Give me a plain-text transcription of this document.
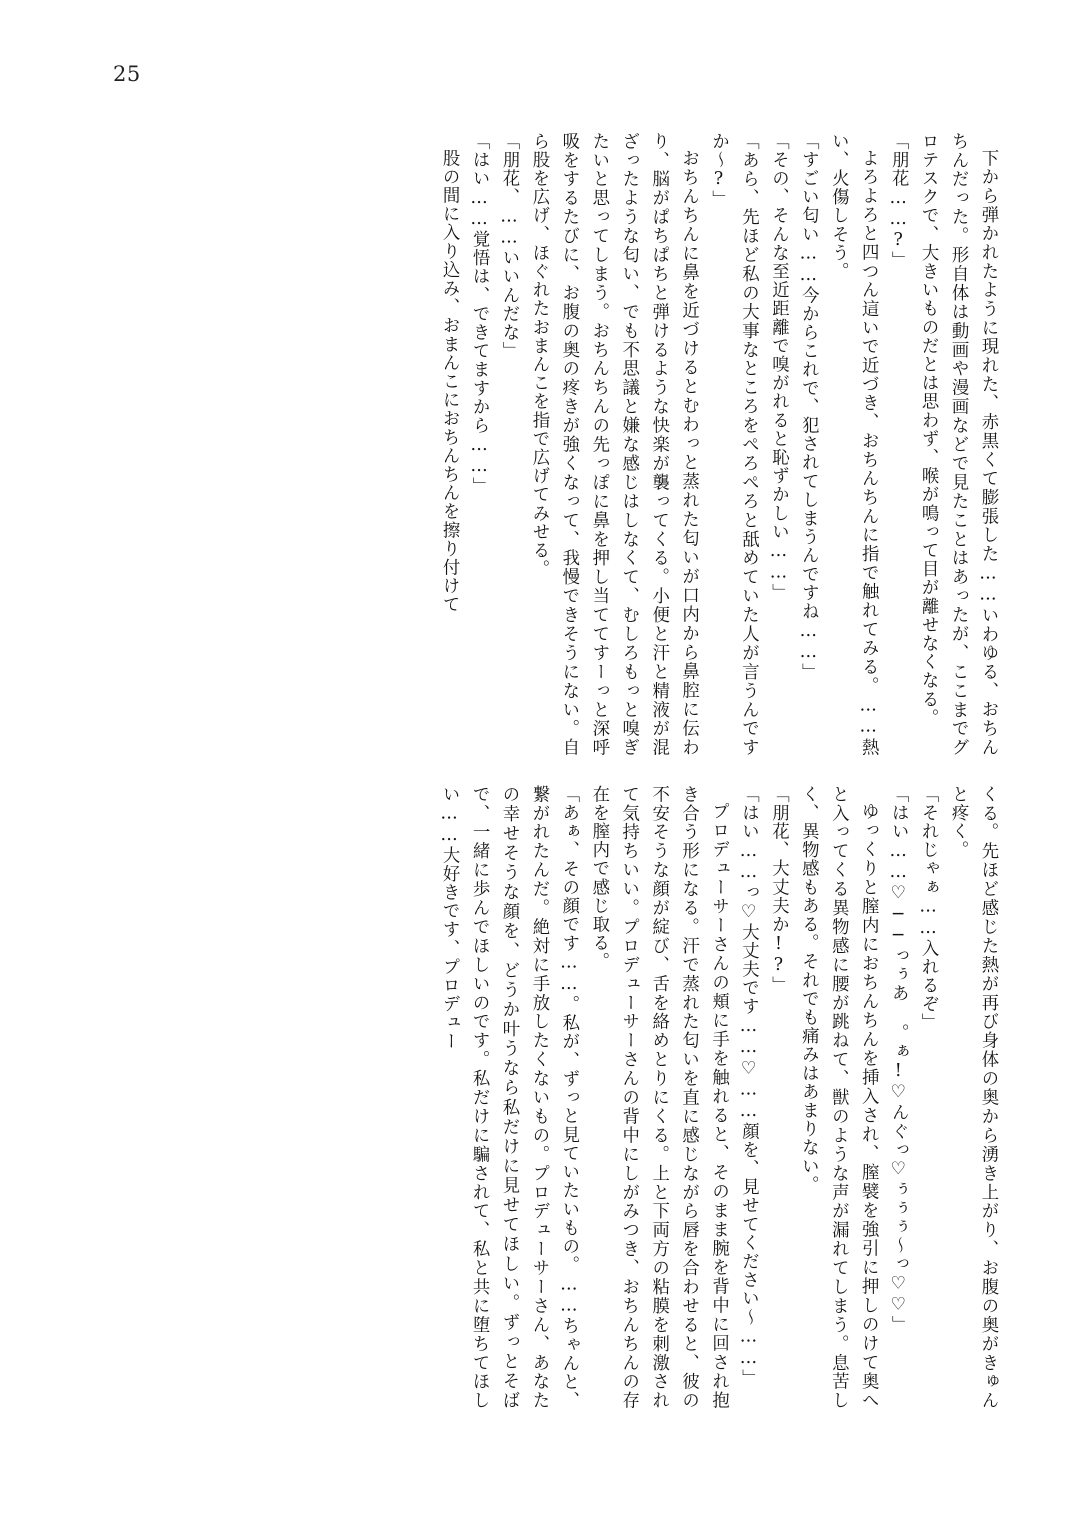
25

下から弾かれたように現れた、赤黒くて膨張した……いわゆる、おちんちんだった。形自体は動画や漫画などで見たことはあったが、ここまでグロテスクで、大きいものだとは思わず、喉が鳴って目が離せなくなる。

「朋花……?」

よろよろと四つん這いで近づき、おちんちんに指で触れてみる。……熱い、火傷しそう。

「すごい匂い……今からこれで、犯されてしまうんですね……」

「その、そんな至近距離で嗅がれると恥ずかしい……」

「あら、先ほど私の大事なところをぺろぺろと舐めていた人が言うんですか〜?」

おちんちんに鼻を近づけるとむわっと蒸れた匂いが口内から鼻腔に伝わり、脳がぱちぱちと弾けるような快楽が襲ってくる。小便と汗と精液が混ざったような匂い、でも不思議と嫌な感じはしなくて、むしろもっと嗅ぎたいと思ってしまう。おちんちんの先っぽに鼻を押し当ててすーっと深呼吸をするたびに、お腹の奥の疼きが強くなって、我慢できそうにない。自ら股を広げ、ほぐれたおまんこを指で広げてみせる。

「朋花、……いいんだな」

「はい……覚悟は、できてますから……」

股の間に入り込み、おまんこにおちんちんを擦り付けて

くる。先ほど感じた熱が再び身体の奥から湧き上がり、お腹の奥がきゅんと疼く。

「それじゃぁ……入れるぞ」

「はい……♡──っぅあ 。ぁ!♡んぐっ♡ぅぅぅ〜っ♡♡」

ゆっくりと膣内におちんちんを挿入され、膣襞を強引に押しのけて奥へと入ってくる異物感に腰が跳ねて、獣のような声が漏れてしまう。息苦しく、異物感もある。それでも痛みはあまりない。

「朋花、大丈夫か!?」

「はい……っ♡大丈夫です……♡……顔を、見せてください〜……」

プロデューサーさんの頬に手を触れると、そのまま腕を背中に回され抱き合う形になる。汗で蒸れた匂いを直に感じながら唇を合わせると、彼の不安そうな顔が綻び、舌を絡めとりにくる。上と下両方の粘膜を刺激されて気持ちいい。プロデューサーさんの背中にしがみつき、おちんちんの存在を膣内で感じ取る。

「あぁ、その顔です……。私が、ずっと見ていたいもの。……ちゃんと、繋がれたんだ。絶対に手放したくないもの。プロデューサーさん、あなたの幸せそうな顔を、どうか叶うなら私だけに見せてほしい。ずっとそばで、一緒に歩んでほしいのです。私だけに騙されて、私と共に堕ちてほしい……大好きです、プロデュー
